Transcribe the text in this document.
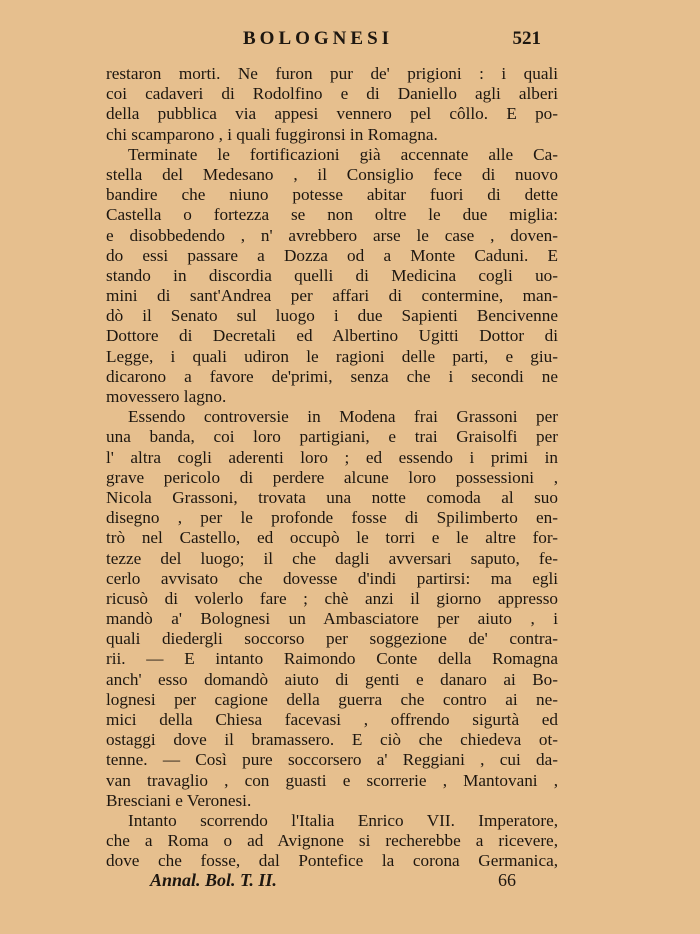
BOLOGNESI	521
restaron morti. Ne furon pur de' prigioni : i quali
coi cadaveri di Rodolfino e di Daniello agli alberi
della pubblica via appesi vennero pel côllo. E po-
chi scamparono , i quali fuggironsi in Romagna.
Terminate le fortificazioni già accennate alle Ca-
stella del Medesano , il Consiglio fece di nuovo
bandire che niuno potesse abitar fuori di dette
Castella o fortezza se non oltre le due miglia:
e disobbedendo , n' avrebbero arse le case , doven-
do essi passare a Dozza od a Monte Caduni. E
stando in discordia quelli di Medicina cogli uo-
mini di sant'Andrea per affari di contermine, man-
dò il Senato sul luogo i due Sapienti Bencivenne
Dottore di Decretali ed Albertino Ugitti Dottor di
Legge, i quali udiron le ragioni delle parti, e giu-
dicarono a favore de'primi, senza che i secondi ne
movessero lagno.
Essendo controversie in Modena frai Grassoni per
una banda, coi loro partigiani, e trai Graisolfi per
l' altra cogli aderenti loro ; ed essendo i primi in
grave pericolo di perdere alcune loro possessioni ,
Nicola Grassoni, trovata una notte comoda al suo
disegno , per le profonde fosse di Spilimberto en-
trò nel Castello, ed occupò le torri e le altre for-
tezze del luogo; il che dagli avversari saputo, fe-
cerlo avvisato che dovesse d'indi partirsi: ma egli
ricusò di volerlo fare ; chè anzi il giorno appresso
mandò a' Bolognesi un Ambasciatore per aiuto , i
quali diedergli soccorso per soggezione de' contra-
rii. — E intanto Raimondo Conte della Romagna
anch' esso domandò aiuto di genti e danaro ai Bo-
lognesi per cagione della guerra che contro ai ne-
mici della Chiesa facevasi , offrendo sigurtà ed
ostaggi dove il bramassero. E ciò che chiedeva ot-
tenne. — Così pure soccorsero a' Reggiani , cui da-
van travaglio , con guasti e scorrerie , Mantovani ,
Bresciani e Veronesi.
Intanto scorrendo l'Italia Enrico VII. Imperatore,
che a Roma o ad Avignone si recherebbe a ricevere,
dove che fosse, dal Pontefice la corona Germanica,
Annal. Bol. T. II.	66
